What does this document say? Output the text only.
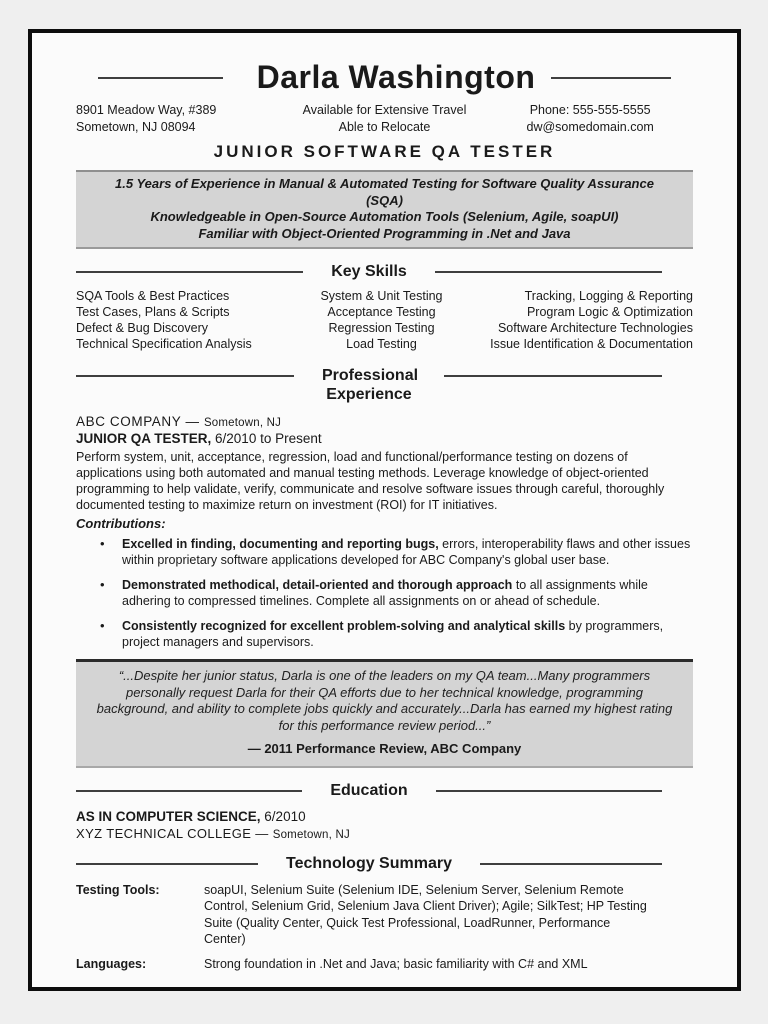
Darla Washington
8901 Meadow Way, #389
Sometown, NJ 08094
Available for Extensive Travel
Able to Relocate
Phone: 555-555-5555
dw@somedomain.com
JUNIOR SOFTWARE QA TESTER
1.5 Years of Experience in Manual & Automated Testing for Software Quality Assurance (SQA)
Knowledgeable in Open-Source Automation Tools (Selenium, Agile, soapUI)
Familiar with Object-Oriented Programming in .Net and Java
Key Skills
SQA Tools & Best Practices
Test Cases, Plans & Scripts
Defect & Bug Discovery
Technical Specification Analysis
System & Unit Testing
Acceptance Testing
Regression Testing
Load Testing
Tracking, Logging & Reporting
Program Logic & Optimization
Software Architecture Technologies
Issue Identification & Documentation
Professional Experience
ABC COMPANY — Sometown, NJ
JUNIOR QA TESTER, 6/2010 to Present
Perform system, unit, acceptance, regression, load and functional/performance testing on dozens of applications using both automated and manual testing methods. Leverage knowledge of object-oriented programming to help validate, verify, communicate and resolve software issues through careful, thoroughly documented testing to maximize return on investment (ROI) for IT initiatives.
Contributions:
•
Excelled in finding, documenting and reporting bugs, errors, interoperability flaws and other issues within proprietary software applications developed for ABC Company's global user base.
•
Demonstrated methodical, detail-oriented and thorough approach to all assignments while adhering to compressed timelines. Complete all assignments on or ahead of schedule.
•
Consistently recognized for excellent problem-solving and analytical skills by programmers, project managers and supervisors.
“...Despite her junior status, Darla is one of the leaders on my QA team...Many programmers personally request Darla for their QA efforts due to her technical knowledge, programming background, and ability to complete jobs quickly and accurately...Darla has earned my highest rating for this performance review period...”
— 2011 Performance Review, ABC Company
Education
AS IN COMPUTER SCIENCE, 6/2010
XYZ TECHNICAL COLLEGE — Sometown, NJ
Technology Summary
Testing Tools:	soapUI, Selenium Suite (Selenium IDE, Selenium Server, Selenium Remote Control, Selenium Grid, Selenium Java Client Driver); Agile; SilkTest; HP Testing Suite (Quality Center, Quick Test Professional, LoadRunner, Performance Center)
Languages:	Strong foundation in .Net and Java; basic familiarity with C# and XML
